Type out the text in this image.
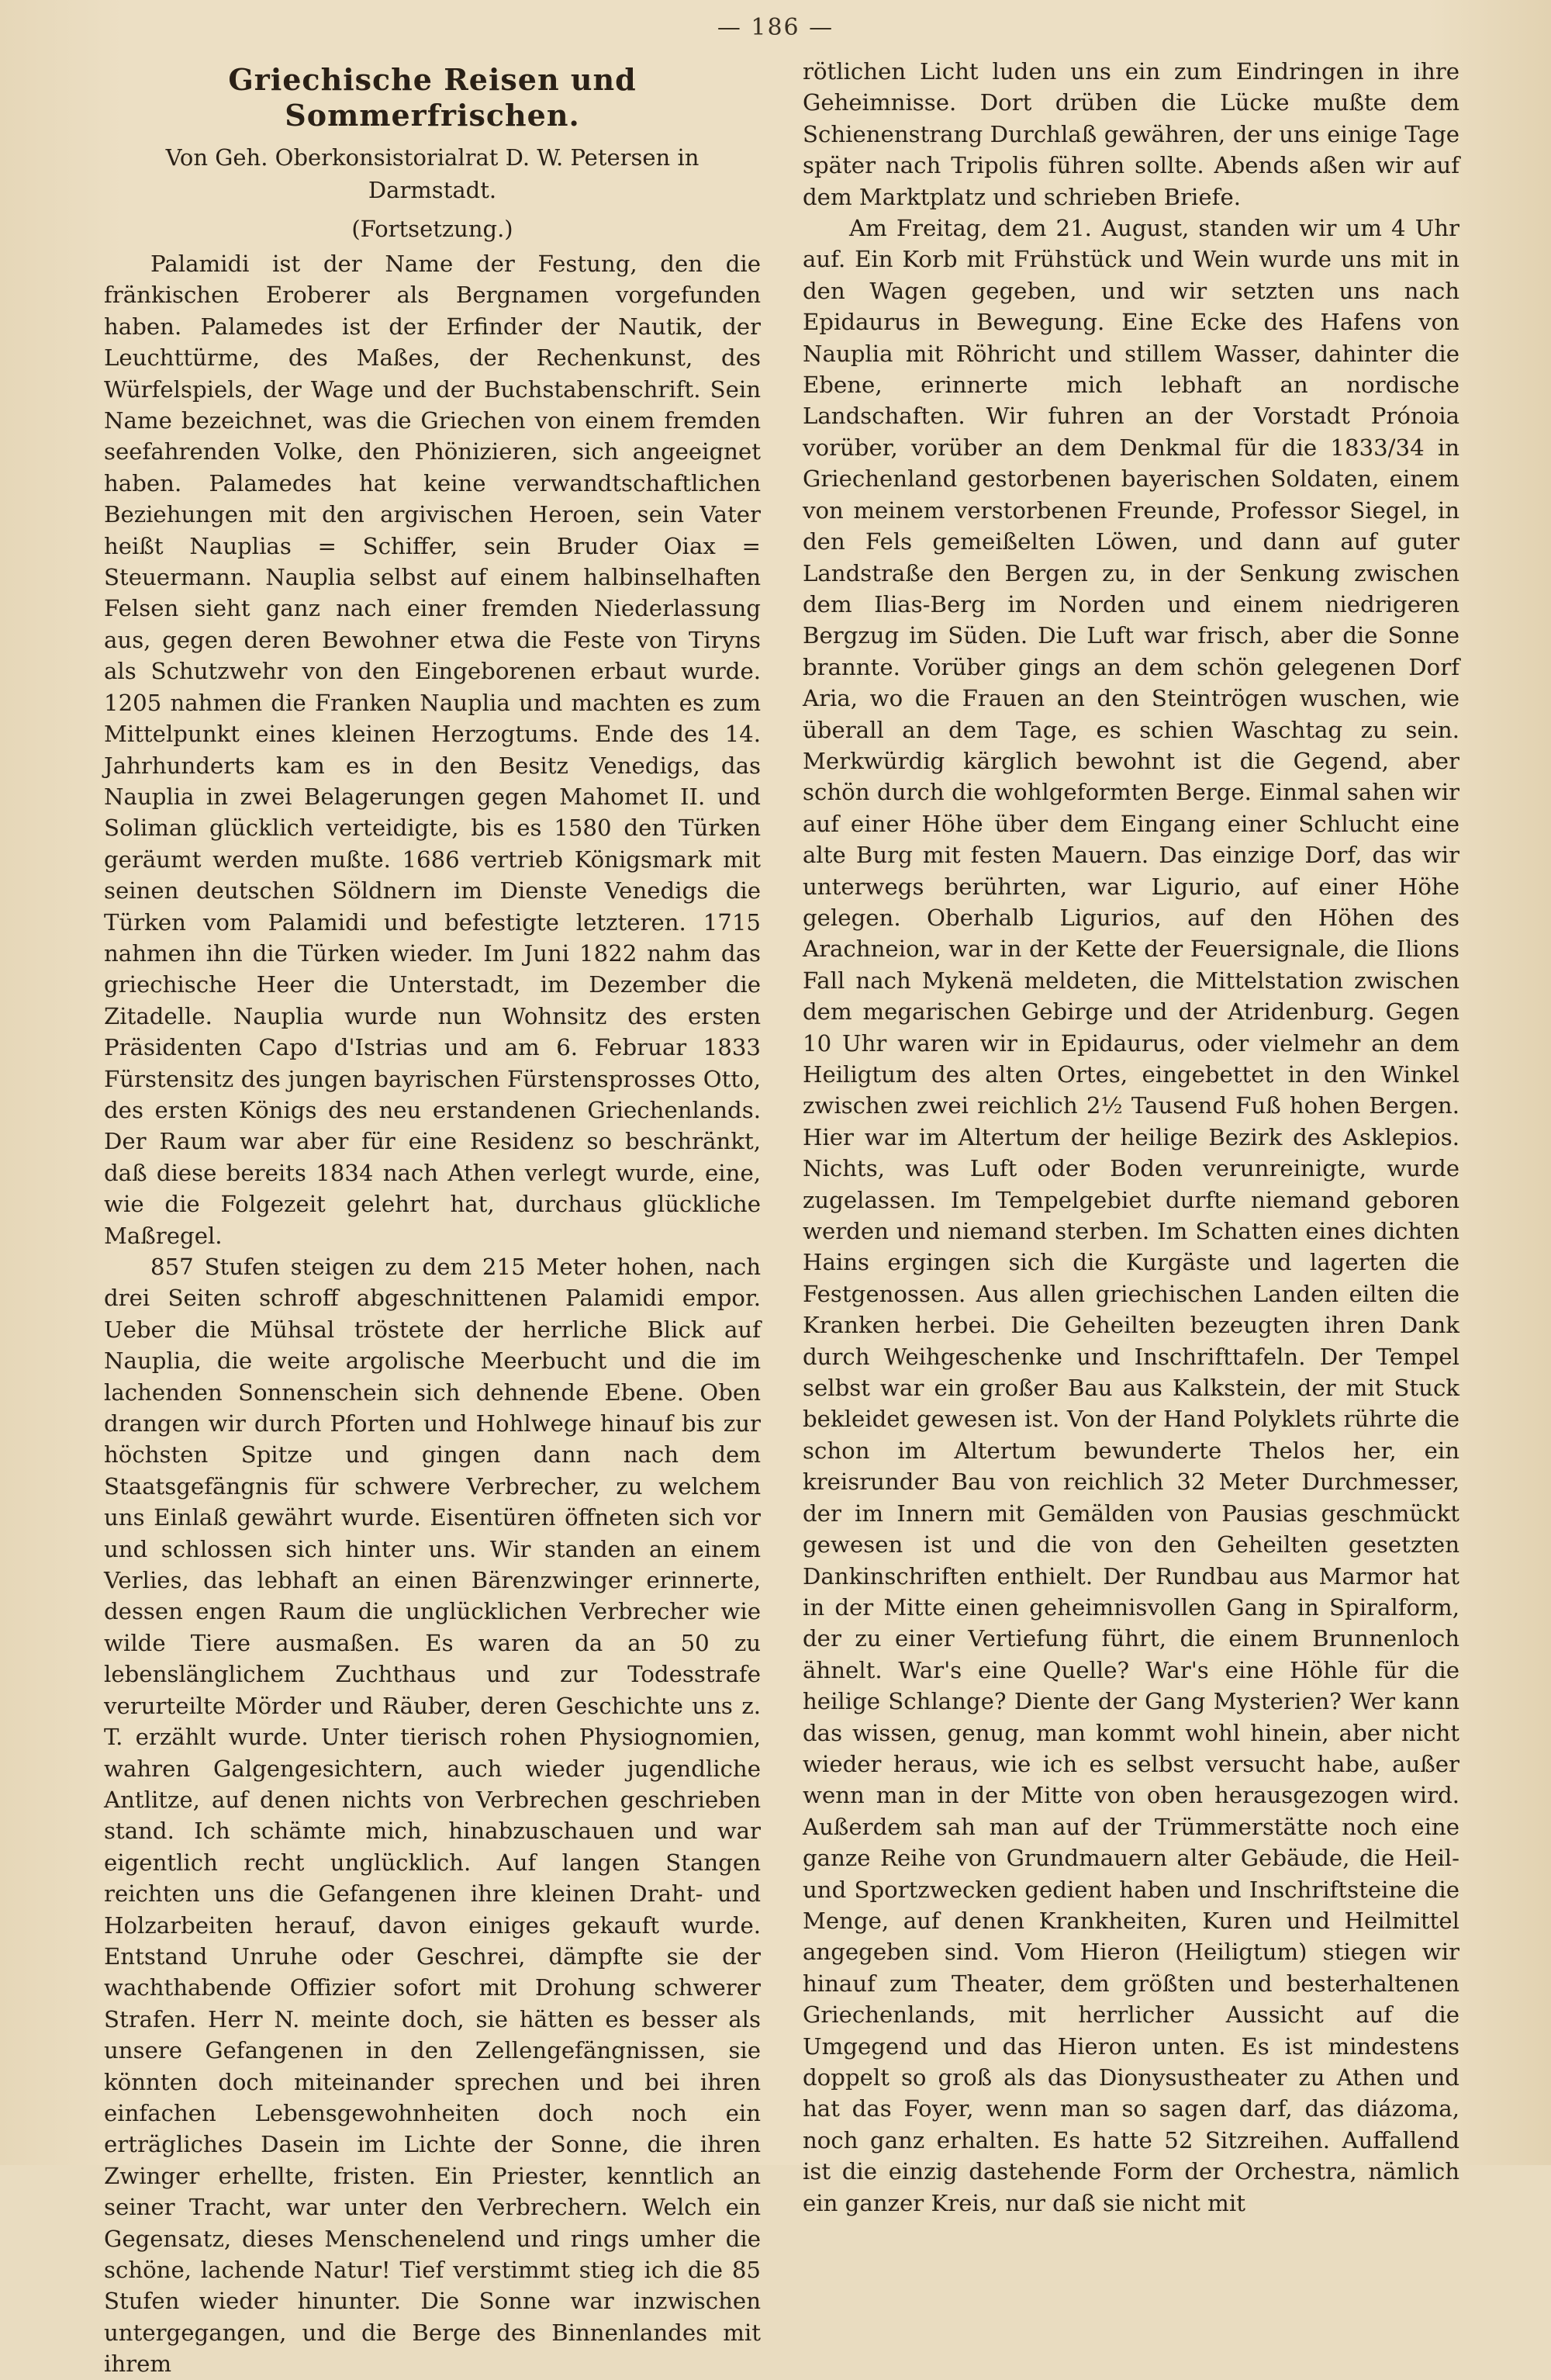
— 186 —
Griechische Reisen und Sommerfrischen.
Von Geh. Oberkonsistorialrat D. W. Petersen in Darmstadt.
(Fortsetzung.)

Palamidi ist der Name der Festung, den die fränkischen Eroberer als Bergnamen vorgefunden haben. Palamedes ist der Erfinder der Nautik, der Leuchttürme, des Maßes, der Rechenkunst, des Würfelspiels, der Wage und der Buchstabenschrift. Sein Name bezeichnet, was die Griechen von einem fremden seefahrenden Volke, den Phönizieren, sich angeeignet haben. Palamedes hat keine verwandtschaftlichen Beziehungen mit den argivischen Heroen, sein Vater heißt Nauplias = Schiffer, sein Bruder Oiax = Steuermann. Nauplia selbst auf einem halbinselhaften Felsen sieht ganz nach einer fremden Niederlassung aus, gegen deren Bewohner etwa die Feste von Tiryns als Schutzwehr von den Eingeborenen erbaut wurde. 1205 nahmen die Franken Nauplia und machten es zum Mittelpunkt eines kleinen Herzogtums. Ende des 14. Jahrhunderts kam es in den Besitz Venedigs, das Nauplia in zwei Belagerungen gegen Mahomet II. und Soliman glücklich verteidigte, bis es 1580 den Türken geräumt werden mußte. 1686 vertrieb Königsmark mit seinen deutschen Söldnern im Dienste Venedigs die Türken vom Palamidi und befestigte letzteren. 1715 nahmen ihn die Türken wieder. Im Juni 1822 nahm das griechische Heer die Unterstadt, im Dezember die Zitadelle. Nauplia wurde nun Wohnsitz des ersten Präsidenten Capo d'Istrias und am 6. Februar 1833 Fürstensitz des jungen bayrischen Fürstensprosses Otto, des ersten Königs des neu erstandenen Griechenlands. Der Raum war aber für eine Residenz so beschränkt, daß diese bereits 1834 nach Athen verlegt wurde, eine, wie die Folgezeit gelehrt hat, durchaus glückliche Maßregel.

857 Stufen steigen zu dem 215 Meter hohen, nach drei Seiten schroff abgeschnittenen Palamidi empor. Ueber die Mühsal tröstete der herrliche Blick auf Nauplia, die weite argolische Meerbucht und die im lachenden Sonnenschein sich dehnende Ebene. Oben drangen wir durch Pforten und Hohlwege hinauf bis zur höchsten Spitze und gingen dann nach dem Staatsgefängnis für schwere Verbrecher, zu welchem uns Einlaß gewährt wurde. Eisentüren öffneten sich vor und schlossen sich hinter uns. Wir standen an einem Verlies, das lebhaft an einen Bärenzwinger erinnerte, dessen engen Raum die unglücklichen Verbrecher wie wilde Tiere ausmaßen. Es waren da an 50 zu lebenslänglichem Zuchthaus und zur Todesstrafe verurteilte Mörder und Räuber, deren Geschichte uns z. T. erzählt wurde. Unter tierisch rohen Physiognomien, wahren Galgengesichtern, auch wieder jugendliche Antlitze, auf denen nichts von Verbrechen geschrieben stand. Ich schämte mich, hinabzuschauen und war eigentlich recht unglücklich. Auf langen Stangen reichten uns die Gefangenen ihre kleinen Draht- und Holzarbeiten herauf, davon einiges gekauft wurde. Entstand Unruhe oder Geschrei, dämpfte sie der wachthabende Offizier sofort mit Drohung schwerer Strafen. Herr N. meinte doch, sie hätten es besser als unsere Gefangenen in den Zellengefängnissen, sie könnten doch miteinander sprechen und bei ihren einfachen Lebensgewohnheiten doch noch ein erträgliches Dasein im Lichte der Sonne, die ihren Zwinger erhellte, fristen. Ein Priester, kenntlich an seiner Tracht, war unter den Verbrechern. Welch ein Gegensatz, dieses Menschenelend und rings umher die schöne, lachende Natur! Tief verstimmt stieg ich die 85 Stufen wieder hinunter. Die Sonne war inzwischen untergegangen, und die Berge des Binnenlandes mit ihrem

rötlichen Licht luden uns ein zum Eindringen in ihre Geheimnisse. Dort drüben die Lücke mußte dem Schienenstrang Durchlaß gewähren, der uns einige Tage später nach Tripolis führen sollte. Abends aßen wir auf dem Marktplatz und schrieben Briefe.

Am Freitag, dem 21. August, standen wir um 4 Uhr auf. Ein Korb mit Frühstück und Wein wurde uns mit in den Wagen gegeben, und wir setzten uns nach Epidaurus in Bewegung. Eine Ecke des Hafens von Nauplia mit Röhricht und stillem Wasser, dahinter die Ebene, erinnerte mich lebhaft an nordische Landschaften. Wir fuhren an der Vorstadt Prónoia vorüber, vorüber an dem Denkmal für die 1833/34 in Griechenland gestorbenen bayerischen Soldaten, einem von meinem verstorbenen Freunde, Professor Siegel, in den Fels gemeißelten Löwen, und dann auf guter Landstraße den Bergen zu, in der Senkung zwischen dem Ilias-Berg im Norden und einem niedrigeren Bergzug im Süden. Die Luft war frisch, aber die Sonne brannte. Vorüber gings an dem schön gelegenen Dorf Aria, wo die Frauen an den Steintrögen wuschen, wie überall an dem Tage, es schien Waschtag zu sein. Merkwürdig kärglich bewohnt ist die Gegend, aber schön durch die wohlgeformten Berge. Einmal sahen wir auf einer Höhe über dem Eingang einer Schlucht eine alte Burg mit festen Mauern. Das einzige Dorf, das wir unterwegs berührten, war Ligurio, auf einer Höhe gelegen. Oberhalb Ligurios, auf den Höhen des Arachneion, war in der Kette der Feuersignale, die Ilions Fall nach Mykenä meldeten, die Mittelstation zwischen dem megarischen Gebirge und der Atridenburg. Gegen 10 Uhr waren wir in Epidaurus, oder vielmehr an dem Heiligtum des alten Ortes, eingebettet in den Winkel zwischen zwei reichlich 2½ Tausend Fuß hohen Bergen. Hier war im Altertum der heilige Bezirk des Asklepios. Nichts, was Luft oder Boden verunreinigte, wurde zugelassen. Im Tempelgebiet durfte niemand geboren werden und niemand sterben. Im Schatten eines dichten Hains ergingen sich die Kurgäste und lagerten die Festgenossen. Aus allen griechischen Landen eilten die Kranken herbei. Die Geheilten bezeugten ihren Dank durch Weihgeschenke und Inschrifttafeln. Der Tempel selbst war ein großer Bau aus Kalkstein, der mit Stuck bekleidet gewesen ist. Von der Hand Polyklets rührte die schon im Altertum bewunderte Thelos her, ein kreisrunder Bau von reichlich 32 Meter Durchmesser, der im Innern mit Gemälden von Pausias geschmückt gewesen ist und die von den Geheilten gesetzten Dankinschriften enthielt. Der Rundbau aus Marmor hat in der Mitte einen geheimnisvollen Gang in Spiralform, der zu einer Vertiefung führt, die einem Brunnenloch ähnelt. War's eine Quelle? War's eine Höhle für die heilige Schlange? Diente der Gang Mysterien? Wer kann das wissen, genug, man kommt wohl hinein, aber nicht wieder heraus, wie ich es selbst versucht habe, außer wenn man in der Mitte von oben herausgezogen wird. Außerdem sah man auf der Trümmerstätte noch eine ganze Reihe von Grundmauern alter Gebäude, die Heil- und Sportzwecken gedient haben und Inschriftsteine die Menge, auf denen Krankheiten, Kuren und Heilmittel angegeben sind. Vom Hieron (Heiligtum) stiegen wir hinauf zum Theater, dem größten und besterhaltenen Griechenlands, mit herrlicher Aussicht auf die Umgegend und das Hieron unten. Es ist mindestens doppelt so groß als das Dionysustheater zu Athen und hat das Foyer, wenn man so sagen darf, das diázoma, noch ganz erhalten. Es hatte 52 Sitzreihen. Auffallend ist die einzig dastehende Form der Orchestra, nämlich ein ganzer Kreis, nur daß sie nicht mit
